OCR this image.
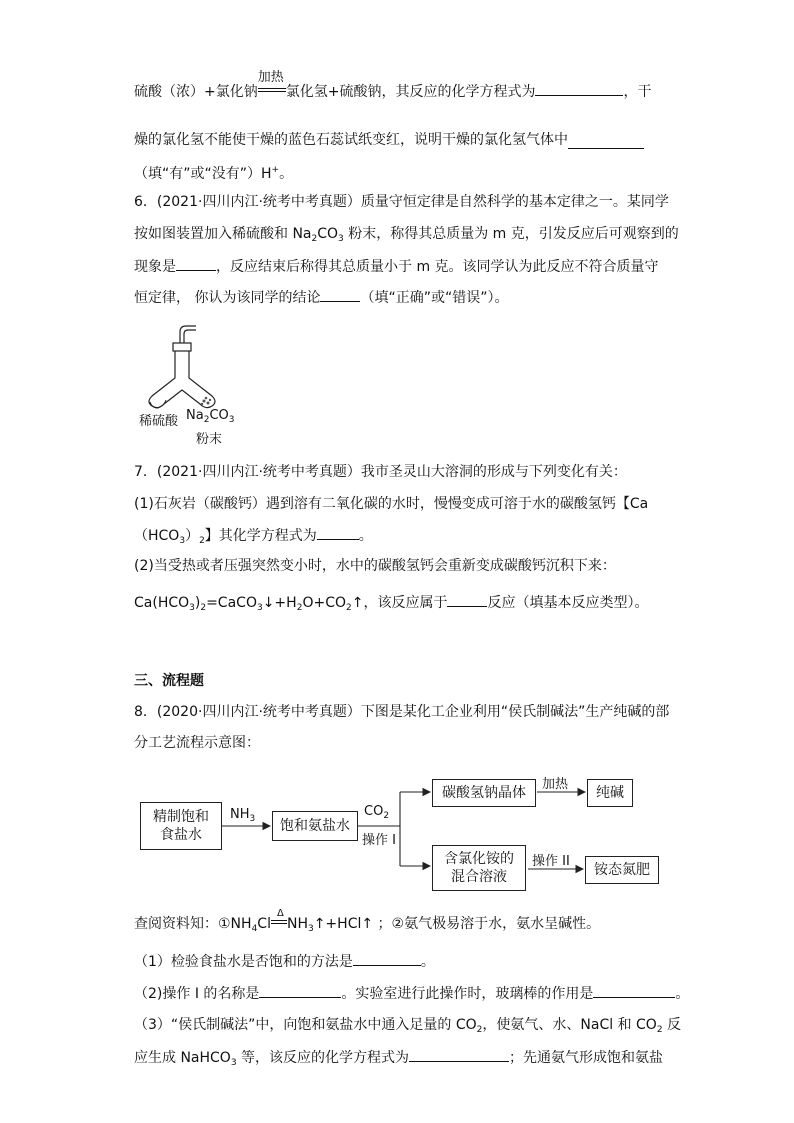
硫酸（浓）+氯化钠
加热
氯化氢+硫酸钠，其反应的化学方程式为	，干
燥的氯化氢不能使干燥的蓝色石蕊试纸变红，说明干燥的氯化氢气体中
（填“有”或“没有”）H+。
6．(2021·四川内江·统考中考真题）质量守恒定律是自然科学的基本定律之一。某同学
按如图装置加入稀硫酸和 $Na_2CO_3$ 粉末，称得其总质量为 m 克，引发反应后可观察到的
现象是	，反应结束后称得其总质量小于 m 克。该同学认为此反应不符合质量守
恒定律， 你认为该同学的结论	（填“正确”或“错误”）。
稀硫酸 $Na_2CO_3$
粉末
7．(2021·四川内江·统考中考真题）我市圣灵山大溶洞的形成与下列变化有关：
(1)石灰岩（碳酸钙）遇到溶有二氧化碳的水时，慢慢变成可溶于水的碳酸氢钙【Ca
$(HCO_3)_2$】其化学方程式为	。
(2)当受热或者压强突然变小时，水中的碳酸氢钙会重新变成碳酸钙沉积下来：
$Ca(HCO_3)_2=CaCO_3↓+H_2O+CO_2↑$，该反应属于	反应（填基本反应类型）。
三、流程题
8．(2020·四川内江·统考中考真题）下图是某化工企业利用“侯氏制碱法”生产纯碱的部
分工艺流程示意图：
精制饱和
食盐水
$NH_3$	饱和氨盐水
$CO_2$
操作 I
碳酸氢钠晶体
加热
纯碱
含氯化铵的
混合溶液
操作 II
铵态氮肥
查阅资料知：$①NH_4Cl$
Δ
$NH_3↑+HCl↑$ ；②氨气极易溶于水，氨水呈碱性。
（1）检验食盐水是否饱和的方法是	。
（2)操作 I 的名称是	。实验室进行此操作时，玻璃棒的作用是	。
（3）“侯氏制碱法”中，向饱和氨盐水中通入足量的 $CO_2$，使氨气、水、NaCl 和 $CO_2$ 反
应生成 NaHCO$_3$ 等，该反应的化学方程式为	；先通氨气形成饱和氨盐
